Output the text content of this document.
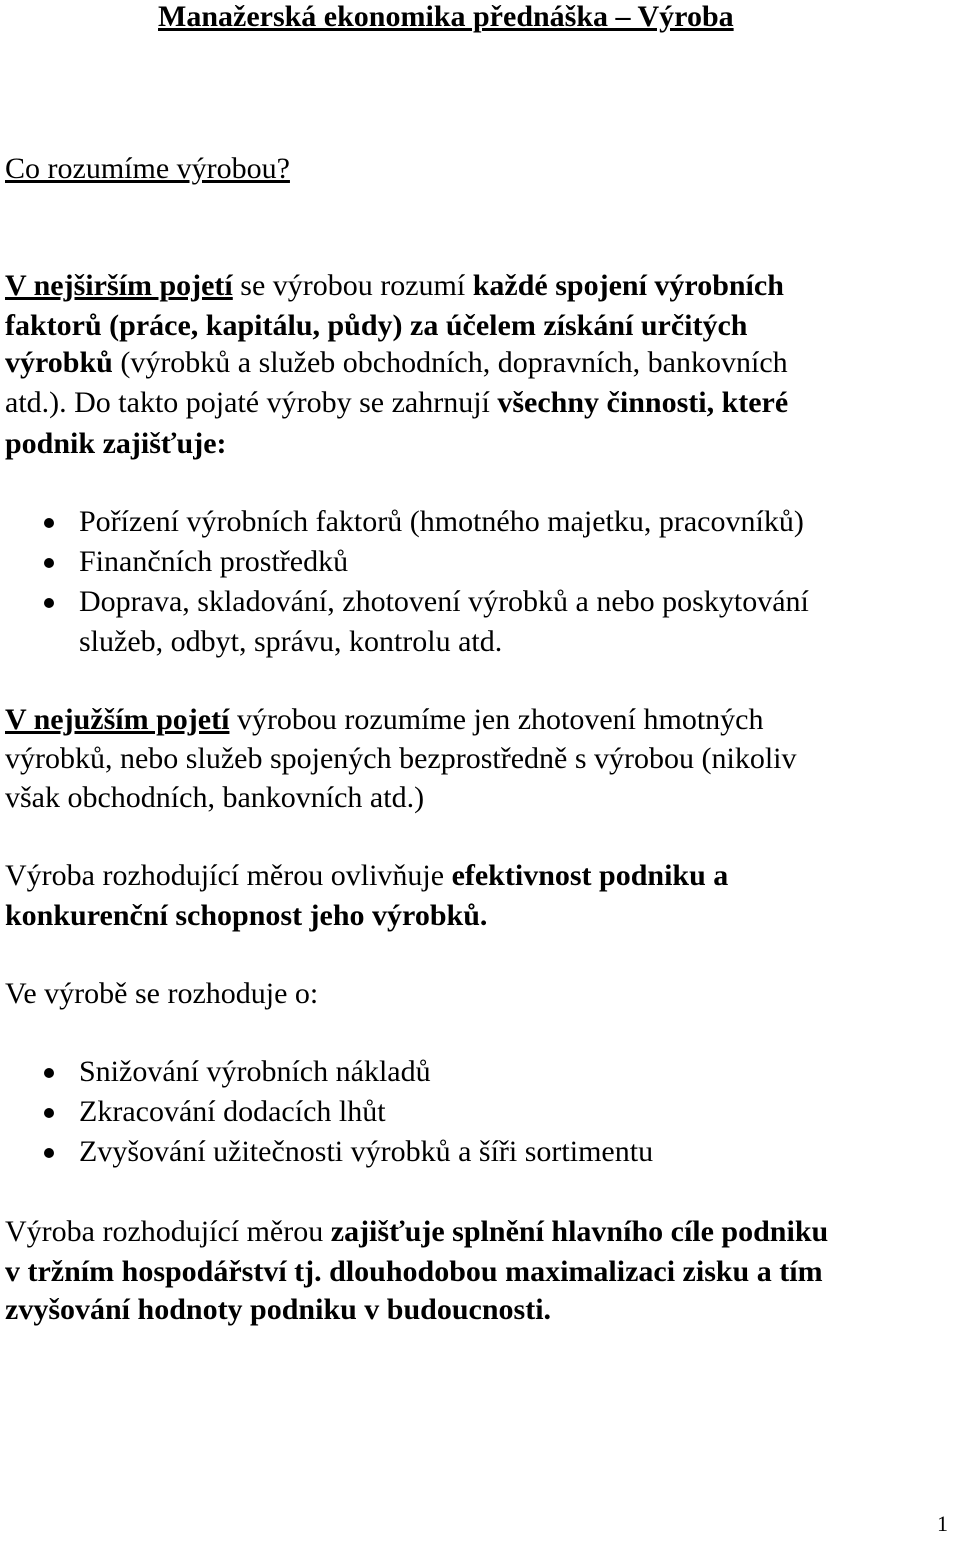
Manažerská ekonomika přednáška – Výroba
Co rozumíme výrobou?
V nejširším pojetí se výrobou rozumí každé spojení výrobních
faktorů (práce, kapitálu, půdy) za účelem získání určitých
výrobků (výrobků a služeb obchodních, dopravních, bankovních
atd.). Do takto pojaté výroby se zahrnují všechny činnosti, které
podnik zajišťuje:
Pořízení výrobních faktorů (hmotného majetku, pracovníků)
Finančních prostředků
Doprava, skladování, zhotovení výrobků a nebo poskytování
služeb, odbyt, správu, kontrolu atd.
V nejužším pojetí výrobou rozumíme jen zhotovení hmotných
výrobků, nebo služeb spojených bezprostředně s výrobou (nikoliv
však obchodních, bankovních atd.)
Výroba rozhodující měrou ovlivňuje efektivnost podniku a
konkurenční schopnost jeho výrobků.
Ve výrobě se rozhoduje o:
Snižování výrobních nákladů
Zkracování dodacích lhůt
Zvyšování užitečnosti výrobků a šíři sortimentu
Výroba rozhodující měrou zajišťuje splnění hlavního cíle podniku
v tržním hospodářství tj. dlouhodobou maximalizaci zisku a tím
zvyšování hodnoty podniku v budoucnosti.
1
